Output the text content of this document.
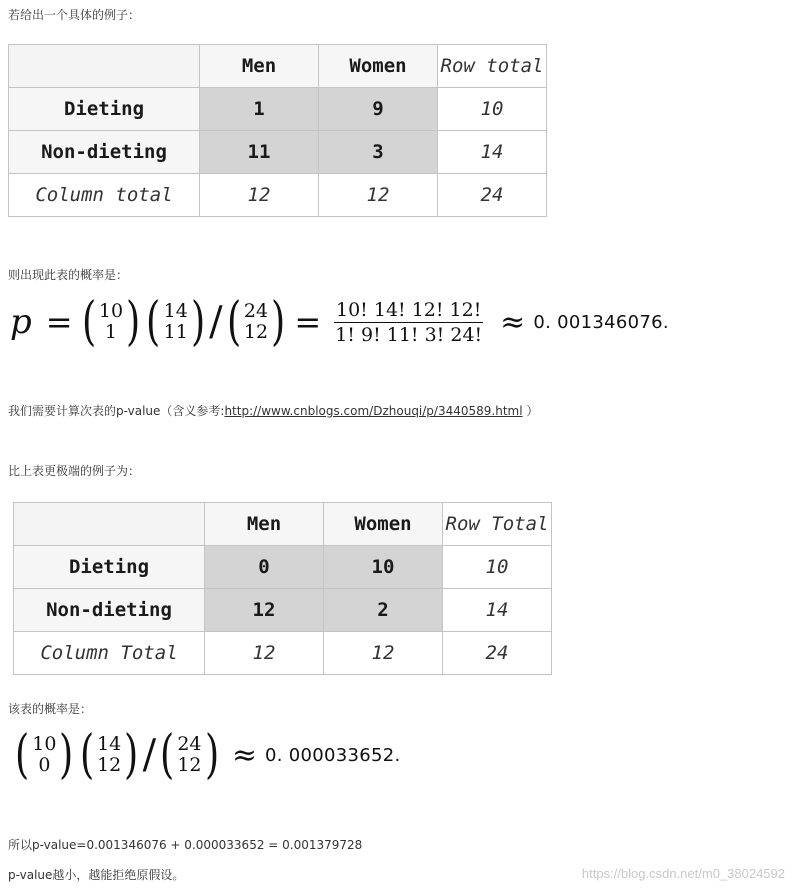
若给出一个具体的例子：
	Men	Women	Row total
Dieting	1	9	10
Non-dieting	11	3	14
Column total	12	12	24
则出现此表的概率是：
p = ( 10
1 ) ( 14
11 ) / ( 24
12 ) = $\frac{10! 14! 12! 12!}{1! 9! 11! 3! 24!} \approx 0$. 001346076.
我们需要计算次表的p-value（含义参考:http://www.cnblogs.com/Dzhouqi/p/3440589.html ）
比上表更极端的例子为：
	Men	Women	Row Total
Dieting	0	10	10
Non-dieting	12	2	14
Column Total	12	12	24
该表的概率是：
( 10
0 ) ( 14
12 ) / ( 24
12 ) ≈ 0. 000033652.
所以p-value=0.001346076 + 0.000033652 = 0.001379728
p-value越小，越能拒绝原假设。	https://blog.csdn.net/m0_38024592
